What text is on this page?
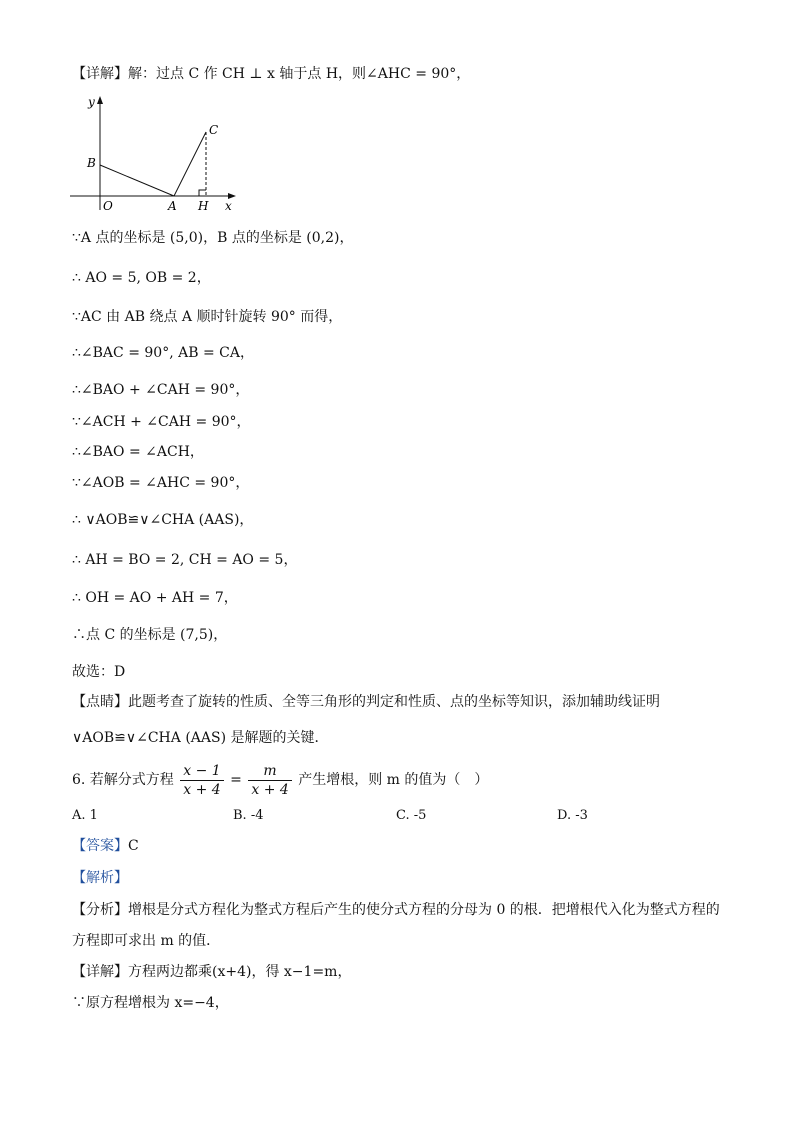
【详解】解：过点 C 作 CH ⊥ x 轴于点 H，则∠AHC = 90°，
y
x
O	A
B
C
H
∵A 点的坐标是 (5,0)，B 点的坐标是 (0,2)，
∴ AO = 5, OB = 2，
∵AC 由 AB 绕点 A 顺时针旋转 90° 而得，
∴∠BAC = 90°, AB = CA，
∴∠BAO + ∠CAH = 90°，
∵∠ACH + ∠CAH = 90°，
∴∠BAO = ∠ACH，
∵∠AOB = ∠AHC = 90°，
∴ ∨AOB≌∨∠CHA (AAS)，
∴ AH = BO = 2, CH = AO = 5，
∴ OH = AO + AH = 7，
∴点 C 的坐标是 (7,5)，
故选：D
【点睛】此题考查了旋转的性质、全等三角形的判定和性质、点的坐标等知识，添加辅助线证明
∨AOB≌∨∠CHA (AAS) 是解题的关键．
6. 若解分式方程 $\frac{x - 1}{x + 4} = \frac{m}{x + 4}$ 产生增根，则 m 的值为（　）
A. 1	B. -4	C. -5	D. -3
【答案】C
【解析】
【分析】增根是分式方程化为整式方程后产生的使分式方程的分母为 0 的根．把增根代入化为整式方程的
方程即可求出 m 的值．
【详解】方程两边都乘(x+4)，得 x−1=m，
∵原方程增根为 x=−4，
